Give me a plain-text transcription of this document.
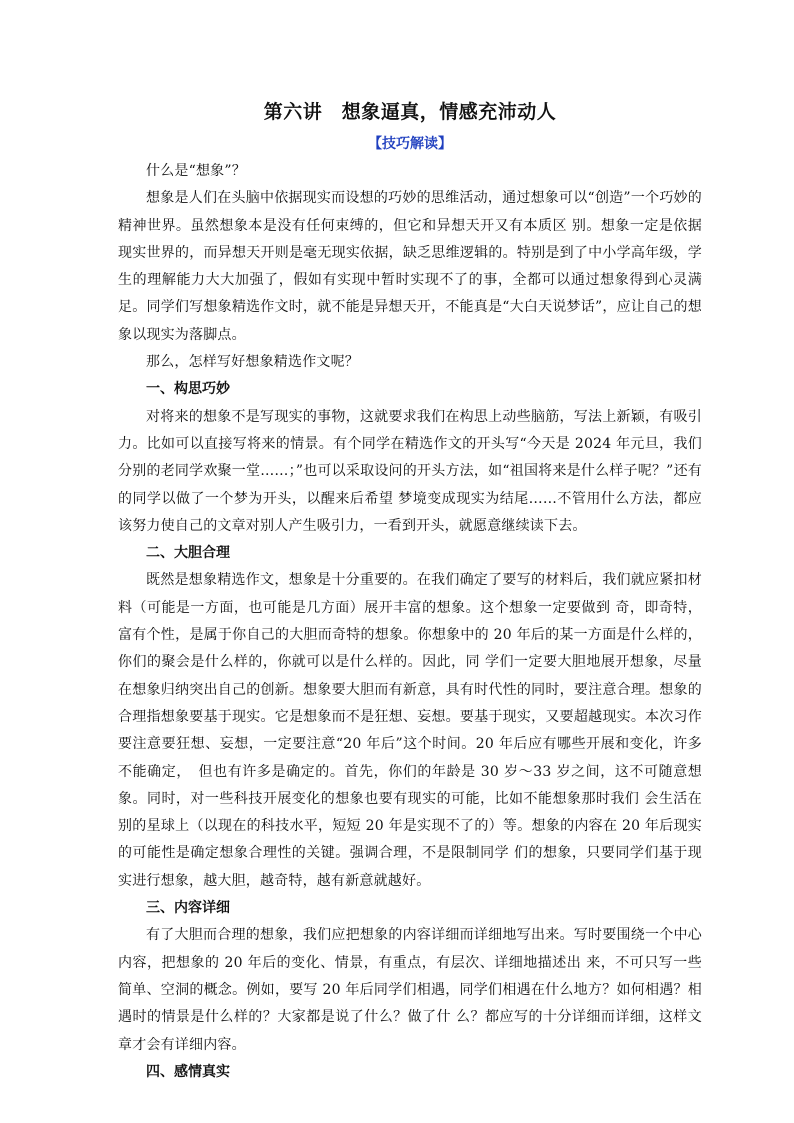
第六讲　想象逼真，情感充沛动人
【技巧解读】

什么是“想象”？

想象是人们在头脑中依据现实而设想的巧妙的思维活动，通过想象可以“创造”一个巧妙的精神世界。虽然想象本是没有任何束缚的，但它和异想天开又有本质区 别。想象一定是依据现实世界的，而异想天开则是毫无现实依据，缺乏思维逻辑的。特别是到了中小学高年级，学生的理解能力大大加强了，假如有实现中暂时实现不了的事，全都可以通过想象得到心灵满足。同学们写想象精选作文时，就不能是异想天开，不能真是“大白天说梦话”，应让自己的想象以现实为落脚点。

那么，怎样写好想象精选作文呢？

一、构思巧妙

对将来的想象不是写现实的事物，这就要求我们在构思上动些脑筋，写法上新颖，有吸引力。比如可以直接写将来的情景。有个同学在精选作文的开头写“今天是 2024 年元旦，我们分别的老同学欢聚一堂……；”也可以采取设问的开头方法，如“祖国将来是什么样子呢？”还有的同学以做了一个梦为开头，以醒来后希望 梦境变成现实为结尾……不管用什么方法，都应该努力使自己的文章对别人产生吸引力，一看到开头，就愿意继续读下去。

二、大胆合理

既然是想象精选作文，想象是十分重要的。在我们确定了要写的材料后，我们就应紧扣材料（可能是一方面，也可能是几方面）展开丰富的想象。这个想象一定要做到 奇，即奇特，富有个性，是属于你自己的大胆而奇特的想象。你想象中的 20 年后的某一方面是什么样的，你们的聚会是什么样的，你就可以是什么样的。因此，同 学们一定要大胆地展开想象，尽量在想象归纳突出自己的创新。想象要大胆而有新意，具有时代性的同时，要注意合理。想象的合理指想象要基于现实。它是想象而不是狂想、妄想。要基于现实，又要超越现实。本次习作要注意要狂想、妄想，一定要注意“20 年后”这个时间。20 年后应有哪些开展和变化，许多不能确定，　但也有许多是确定的。首先，你们的年龄是 30 岁～33 岁之间，这不可随意想象。同时，对一些科技开展变化的想象也要有现实的可能，比如不能想象那时我们 会生活在别的星球上（以现在的科技水平，短短 20 年是实现不了的）等。想象的内容在 20 年后现实的可能性是确定想象合理性的关键。强调合理，不是限制同学 们的想象，只要同学们基于现实进行想象，越大胆，越奇特，越有新意就越好。

三、内容详细

有了大胆而合理的想象，我们应把想象的内容详细而详细地写出来。写时要围绕一个中心内容，把想象的 20 年后的变化、情景，有重点，有层次、详细地描述出 来，不可只写一些简单、空洞的概念。例如，要写 20 年后同学们相遇，同学们相遇在什么地方？如何相遇？相遇时的情景是什么样的？大家都是说了什么？做了什 么？都应写的十分详细而详细，这样文章才会有详细内容。

四、感情真实
